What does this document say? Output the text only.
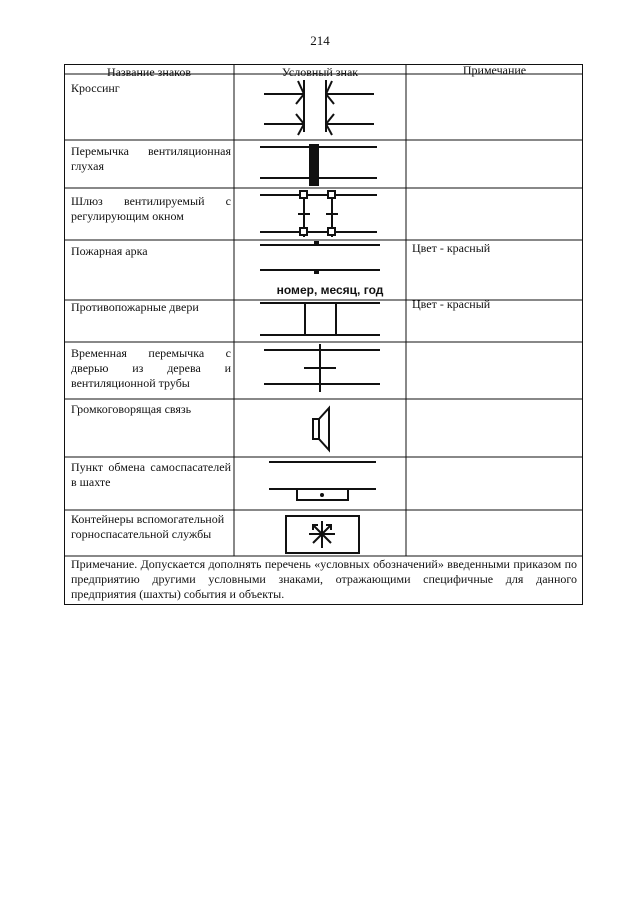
214
Название знаков	Условный знак	Примечание
Кроссинг
Перемычка вентиляционная глухая
Шлюз вентилируемый с регулирующим окном
Пожарная арка
Противопожарные двери
Временная перемычка с дверью из дерева и вентиляционной трубы
Громкоговорящая связь
Пункт обмена самоспасателей в шахте
Контейнеры вспомогательной горноспасательной службы
Цвет - красный
Цвет - красный
номер, месяц, год
Примечание. Допускается дополнять перечень «условных обозначений» введенными приказом по предприятию другими условными знаками, отражающими специфичные для данного предприятия (шахты) события и объекты.
